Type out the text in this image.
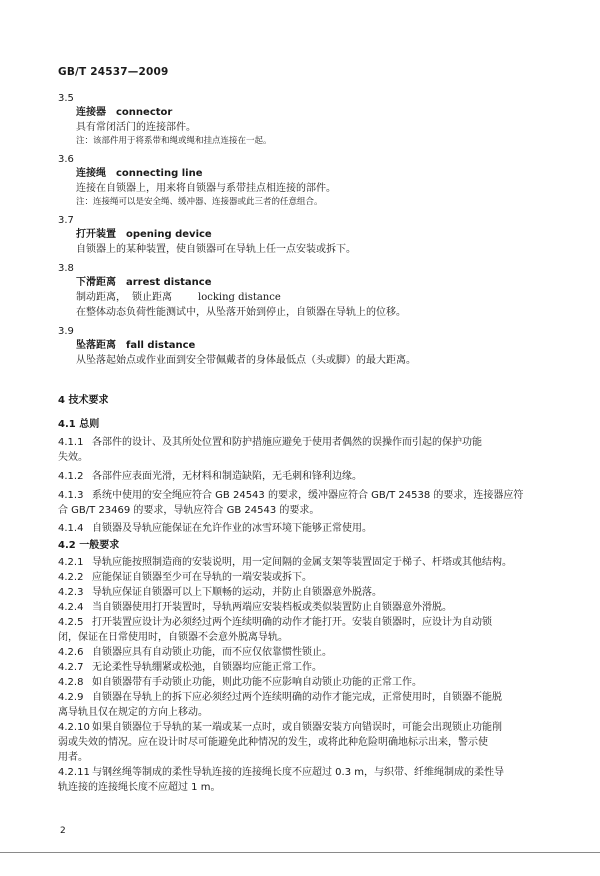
GB/T 24537—2009
3.5
连接器 connector
具有常闭活门的连接部件。
注：该部件用于将系带和绳或绳和挂点连接在一起。
3.6
连接绳 connecting line
连接在自锁器上，用来将自锁器与系带挂点相连接的部件。
注：连接绳可以是安全绳、缓冲器、连接器或此三者的任意组合。
3.7
打开装置 opening device
自锁器上的某种装置，使自锁器可在导轨上任一点安装或拆下。
3.8
下滑距离 arrest distance
制动距离， 锁止距离	locking distance
在整体动态负荷性能测试中，从坠落开始到停止，自锁器在导轨上的位移。
3.9
坠落距离 fall distance
从坠落起始点或作业面到安全带佩戴者的身体最低点（头或脚）的最大距离。
4 技术要求
4.1 总则
4.1.1 各部件的设计、及其所处位置和防护措施应避免于使用者偶然的误操作而引起的保护功能
失效。
4.1.2 各部件应表面光滑，无材料和制造缺陷，无毛刺和锋利边缘。
4.1.3 系统中使用的安全绳应符合 GB 24543 的要求，缓冲器应符合 GB/T 24538 的要求，连接器应符
合 GB/T 23469 的要求，导轨应符合 GB 24543 的要求。
4.1.4 自锁器及导轨应能保证在允许作业的冰雪环境下能够正常使用。
4.2 一般要求
4.2.1 导轨应能按照制造商的安装说明，用一定间隔的金属支架等装置固定于梯子、杆塔或其他结构。
4.2.2 应能保证自锁器至少可在导轨的一端安装或拆下。
4.2.3 导轨应保证自锁器可以上下顺畅的运动，并防止自锁器意外脱落。
4.2.4 当自锁器使用打开装置时，导轨两端应安装档板或类似装置防止自锁器意外滑脱。
4.2.5 打开装置应设计为必须经过两个连续明确的动作才能打开。安装自锁器时，应设计为自动锁
闭，保证在日常使用时，自锁器不会意外脱离导轨。
4.2.6 自锁器应具有自动锁止功能，而不应仅依靠惯性锁止。
4.2.7 无论柔性导轨绷紧或松弛，自锁器均应能正常工作。
4.2.8 如自锁器带有手动锁止功能，则此功能不应影响自动锁止功能的正常工作。
4.2.9 自锁器在导轨上的拆下应必须经过两个连续明确的动作才能完成，正常使用时，自锁器不能脱
离导轨且仅在规定的方向上移动。
4.2.10 如果自锁器位于导轨的某一端或某一点时，或自锁器安装方向错误时，可能会出现锁止功能削
弱或失效的情况。应在设计时尽可能避免此种情况的发生，或将此种危险明确地标示出来，警示使
用者。
4.2.11 与钢丝绳等制成的柔性导轨连接的连接绳长度不应超过 0.3 m，与织带、纤维绳制成的柔性导
轨连接的连接绳长度不应超过 1 m。
2
